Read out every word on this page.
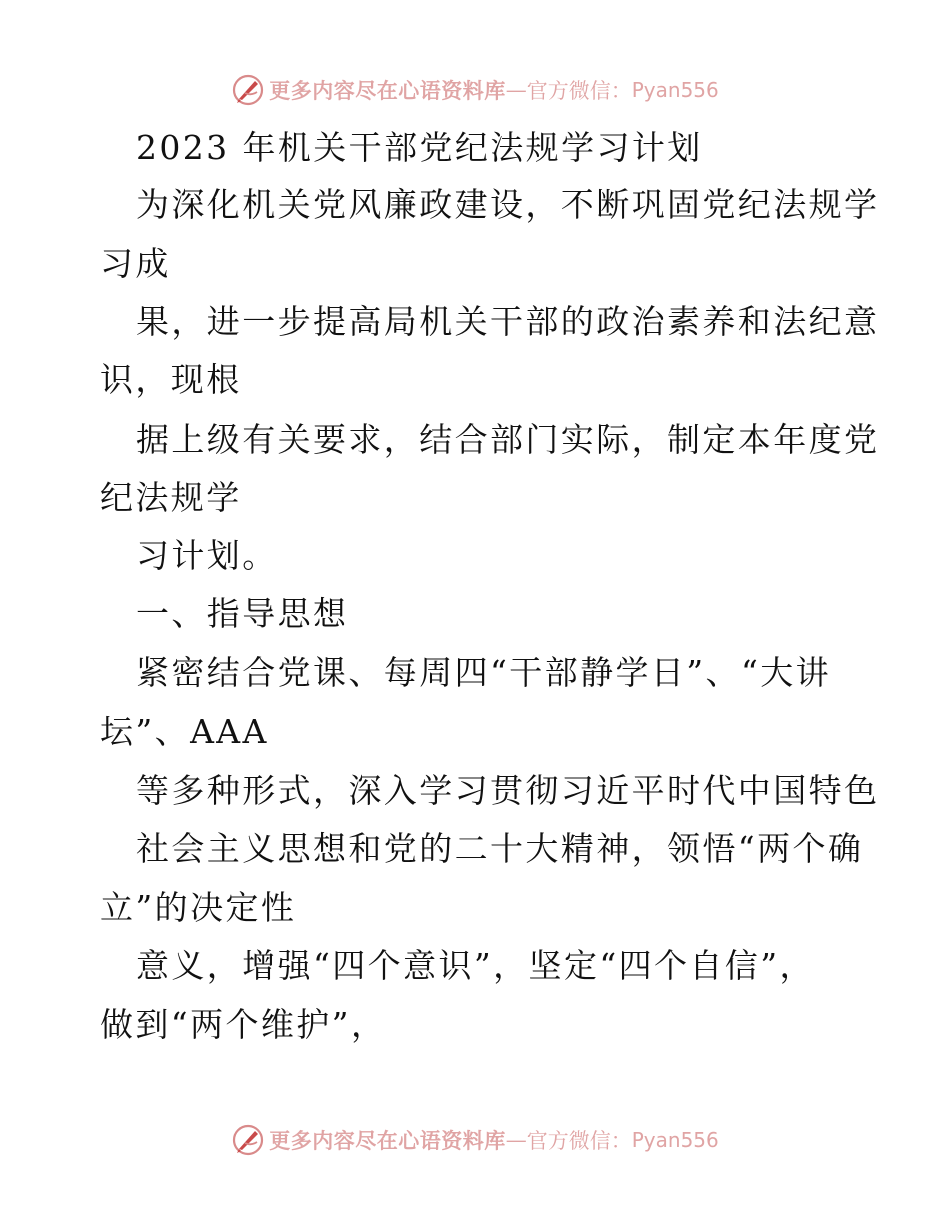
更多内容尽在心语资料库 — 官方微信： Pyan556
2023 年机关干部党纪法规学习计划
为深化机关党风廉政建设，不断巩固党纪法规学
习成
果，进一步提高局机关干部的政治素养和法纪意
识，现根
据上级有关要求，结合部门实际，制定本年度党
纪法规学
习计划。
一、指导思想
紧密结合党课、每周四“干部静学日”、“大讲
坛”、AAA
等多种形式，深入学习贯彻习近平时代中国特色
社会主义思想和党的二十大精神，领悟“两个确
立”的决定性
意义，增强“四个意识”，坚定“四个自信”，
做到“两个维护”，
更多内容尽在心语资料库 — 官方微信： Pyan556
